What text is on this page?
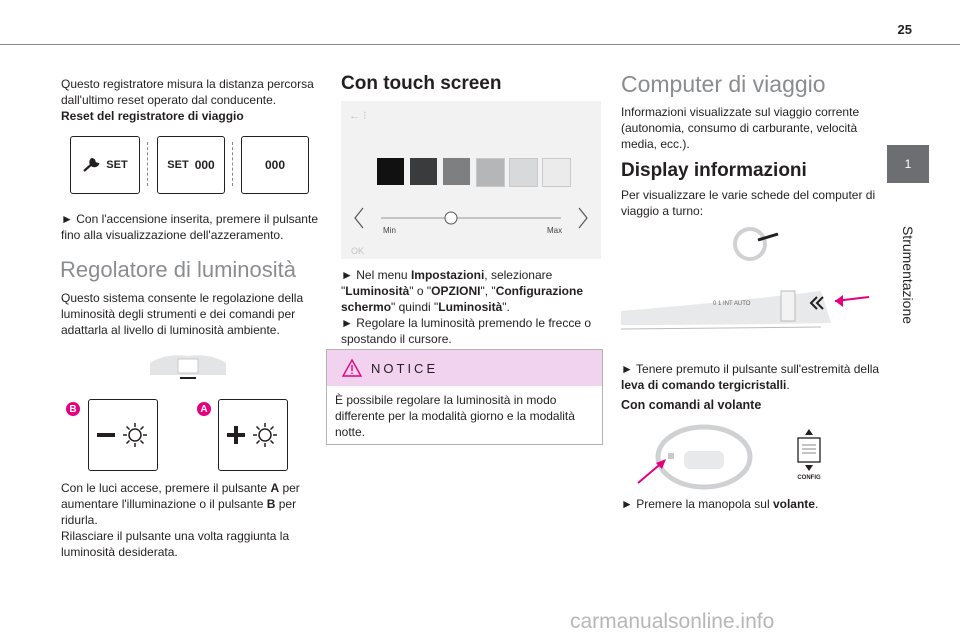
25
1
Strumentazione
Questo registratore misura la distanza percorsa dall'ultimo reset operato dal conducente.
Reset del registratore di viaggio
SET	SET 000	000
► Con l'accensione inserita, premere il pulsante fino alla visualizzazione dell'azzeramento.
Regolatore di luminosità
Questo sistema consente le regolazione della luminosità degli strumenti e dei comandi per adattarla al livello di luminosità ambiente.
B	A
Con le luci accese, premere il pulsante A per aumentare l'illuminazione o il pulsante B per ridurla.
Rilasciare il pulsante una volta raggiunta la luminosità desiderata.
Con touch screen
← ⁝
Min	Max
OK
► Nel menu Impostazioni, selezionare "Luminosità" o "OPZIONI", "Configurazione schermo" quindi "Luminosità".
► Regolare la luminosità premendo le frecce o spostando il cursore.
NOTICE
È possibile regolare la luminosità in modo differente per la modalità giorno e la modalità notte.
Computer di viaggio
Informazioni visualizzate sul viaggio corrente (autonomia, consumo di carburante, velocità media, ecc.).
Display informazioni
Per visualizzare le varie schede del computer di viaggio a turno:
0 1 INT AUTO
► Tenere premuto il pulsante sull'estremità della leva di comando tergicristalli.
Con comandi al volante
CONFIG
► Premere la manopola sul volante.
carmanualsonline.info
